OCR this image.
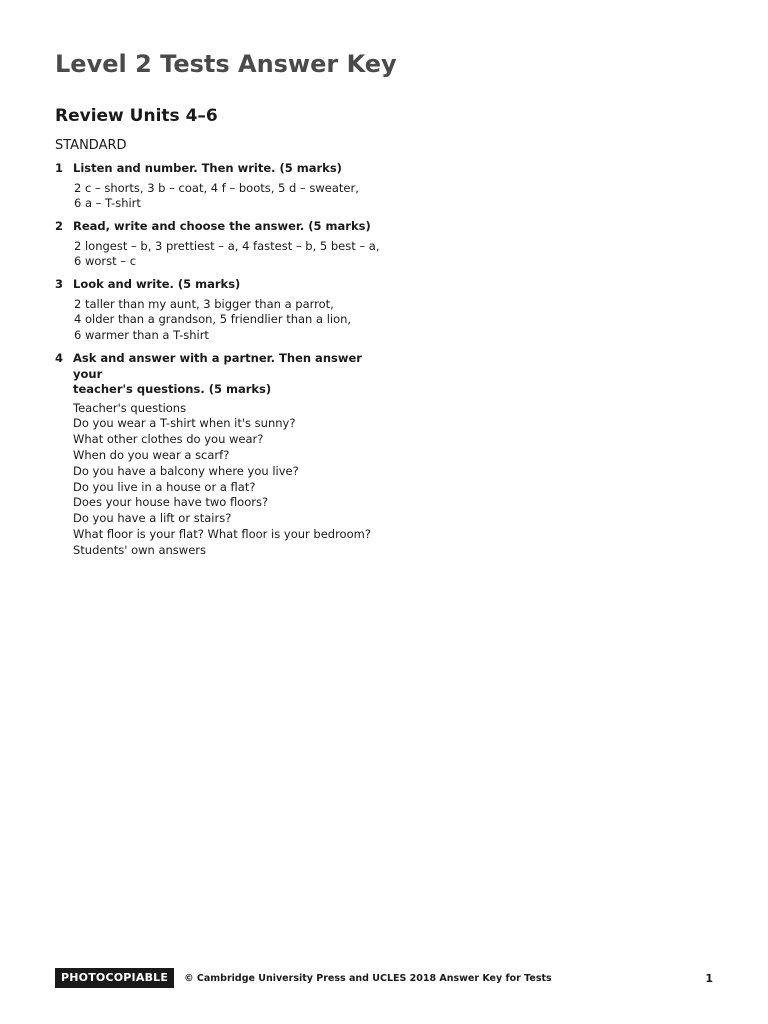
Level 2 Tests Answer Key
Review Units 4–6
STANDARD
1 Listen and number. Then write. (5 marks)
2 c – shorts, 3 b – coat, 4 f – boots, 5 d – sweater,
6 a – T-shirt
2 Read, write and choose the answer. (5 marks)
2 longest – b, 3 prettiest – a, 4 fastest – b, 5 best – a,
6 worst – c
3 Look and write. (5 marks)
2 taller than my aunt, 3 bigger than a parrot,
4 older than a grandson, 5 friendlier than a lion,
6 warmer than a T-shirt
4 Ask and answer with a partner. Then answer your
teacher's questions. (5 marks)
Teacher's questions
Do you wear a T-shirt when it's sunny?
What other clothes do you wear?
When do you wear a scarf?
Do you have a balcony where you live?
Do you live in a house or a flat?
Does your house have two floors?
Do you have a lift or stairs?
What floor is your flat? What floor is your bedroom?
Students' own answers
PHOTOCOPIABLE	© Cambridge University Press and UCLES 2018 Answer Key for Tests	1
